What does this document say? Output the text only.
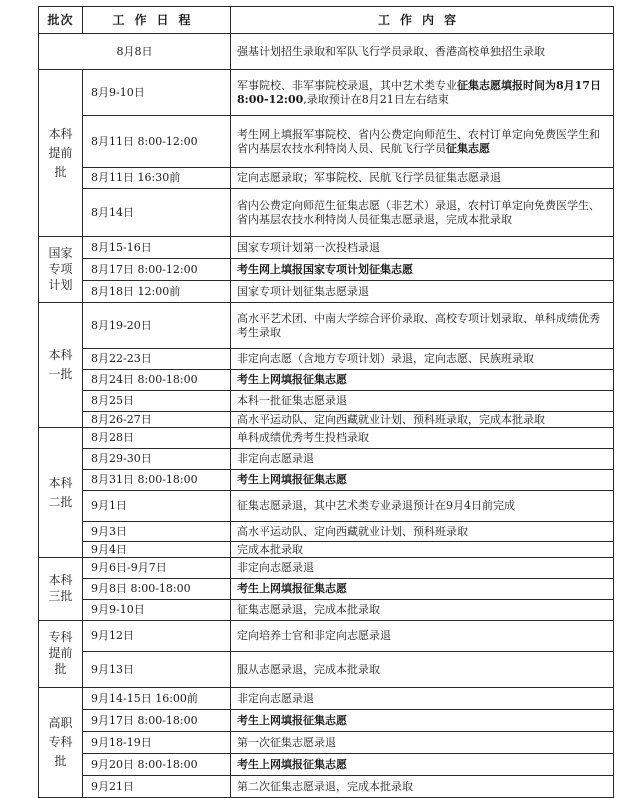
批次	工作日程	工作内容
8月8日		强基计划招生录取和军队飞行学员录取、香港高校单独招生录取
本科提前批	8月9-10日	军事院校、非军事院校录退，其中艺术类专业征集志愿填报时间为8月17日8:00-12:00,录取预计在8月21日左右结束
	8月11日 8:00-12:00	考生网上填报军事院校、省内公费定向师范生、农村订单定向免费医学生和省内基层农技水利特岗人员、民航飞行学员征集志愿
	8月11日 16:30前	定向志愿录取；军事院校、民航飞行学员征集志愿录退
	8月14日	省内公费定向师范生征集志愿（非艺术）录退，农村订单定向免费医学生、省内基层农技水利特岗人员征集志愿录退，完成本批录取
国家专项计划	8月15-16日	国家专项计划第一次投档录退
	8月17日 8:00-12:00	考生网上填报国家专项计划征集志愿
	8月18日 12:00前	国家专项计划征集志愿录退
本科一批	8月19-20日	高水平艺术团、中南大学综合评价录取、高校专项计划录取、单科成绩优秀考生录取
	8月22-23日	非定向志愿（含地方专项计划）录退，定向志愿、民族班录取
	8月24日 8:00-18:00	考生上网填报征集志愿
	8月25日	本科一批征集志愿录退
	8月26-27日	高水平运动队、定向西藏就业计划、预科班录取，完成本批录取
本科二批	8月28日	单科成绩优秀考生投档录取
	8月29-30日	非定向志愿录退
	8月31日 8:00-18:00	考生上网填报征集志愿
	9月1日	征集志愿录退，其中艺术类专业录退预计在9月4日前完成
	9月3日	高水平运动队、定向西藏就业计划、预科班录取
	9月4日	完成本批录取
本科三批	9月6日-9月7日	非定向志愿录退
	9月8日 8:00-18:00	考生上网填报征集志愿
	9月9-10日	征集志愿录退，完成本批录取
专科提前批	9月12日	定向培养士官和非定向志愿录退
	9月13日	服从志愿录退，完成本批录取
高职专科批	9月14-15日 16:00前	非定向志愿录退
	9月17日 8:00-18:00	考生上网填报征集志愿
	9月18-19日	第一次征集志愿录退
	9月20日 8:00-18:00	考生上网填报征集志愿
	9月21日	第二次征集志愿录退，完成本批录取
